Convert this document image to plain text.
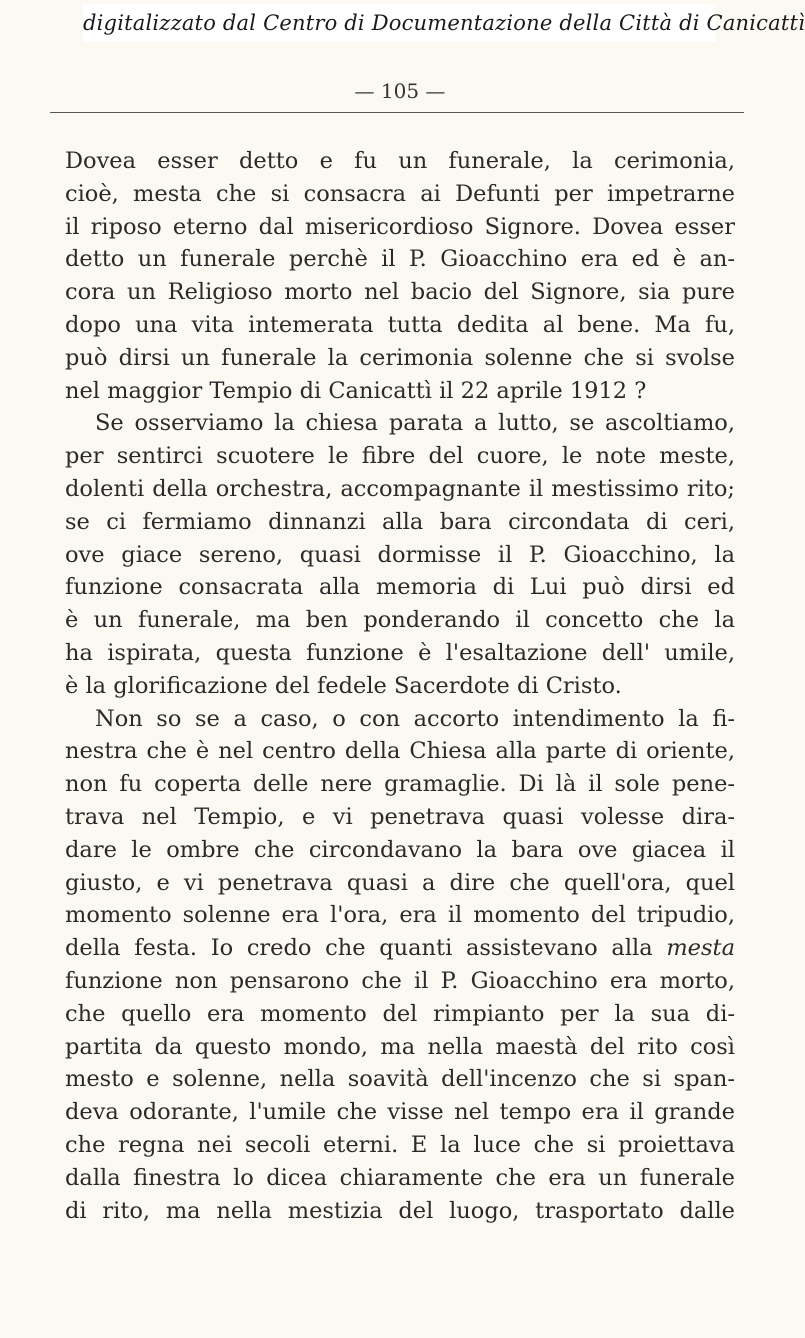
digitalizzato dal Centro di Documentazione della Città di Canicattì
— 105 —
Dovea esser detto e fu un funerale, la cerimonia,
cioè, mesta che si consacra ai Defunti per impetrarne
il riposo eterno dal misericordioso Signore. Dovea esser
detto un funerale perchè il P. Gioacchino era ed è an-
cora un Religioso morto nel bacio del Signore, sia pure
dopo una vita intemerata tutta dedita al bene. Ma fu,
può dirsi un funerale la cerimonia solenne che si svolse
nel maggior Tempio di Canicattì il 22 aprile 1912 ?
Se osserviamo la chiesa parata a lutto, se ascoltiamo,
per sentirci scuotere le fibre del cuore, le note meste,
dolenti della orchestra, accompagnante il mestissimo rito;
se ci fermiamo dinnanzi alla bara circondata di ceri,
ove giace sereno, quasi dormisse il P. Gioacchino, la
funzione consacrata alla memoria di Lui può dirsi ed
è un funerale, ma ben ponderando il concetto che la
ha ispirata, questa funzione è l'esaltazione dell' umile,
è la glorificazione del fedele Sacerdote di Cristo.
Non so se a caso, o con accorto intendimento la fi-
nestra che è nel centro della Chiesa alla parte di oriente,
non fu coperta delle nere gramaglie. Di là il sole pene-
trava nel Tempio, e vi penetrava quasi volesse dira-
dare le ombre che circondavano la bara ove giacea il
giusto, e vi penetrava quasi a dire che quell'ora, quel
momento solenne era l'ora, era il momento del tripudio,
della festa. Io credo che quanti assistevano alla mesta
funzione non pensarono che il P. Gioacchino era morto,
che quello era momento del rimpianto per la sua di-
partita da questo mondo, ma nella maestà del rito così
mesto e solenne, nella soavità dell'incenzo che si span-
deva odorante, l'umile che visse nel tempo era il grande
che regna nei secoli eterni. E la luce che si proiettava
dalla finestra lo dicea chiaramente che era un funerale
di rito, ma nella mestizia del luogo, trasportato dalle
